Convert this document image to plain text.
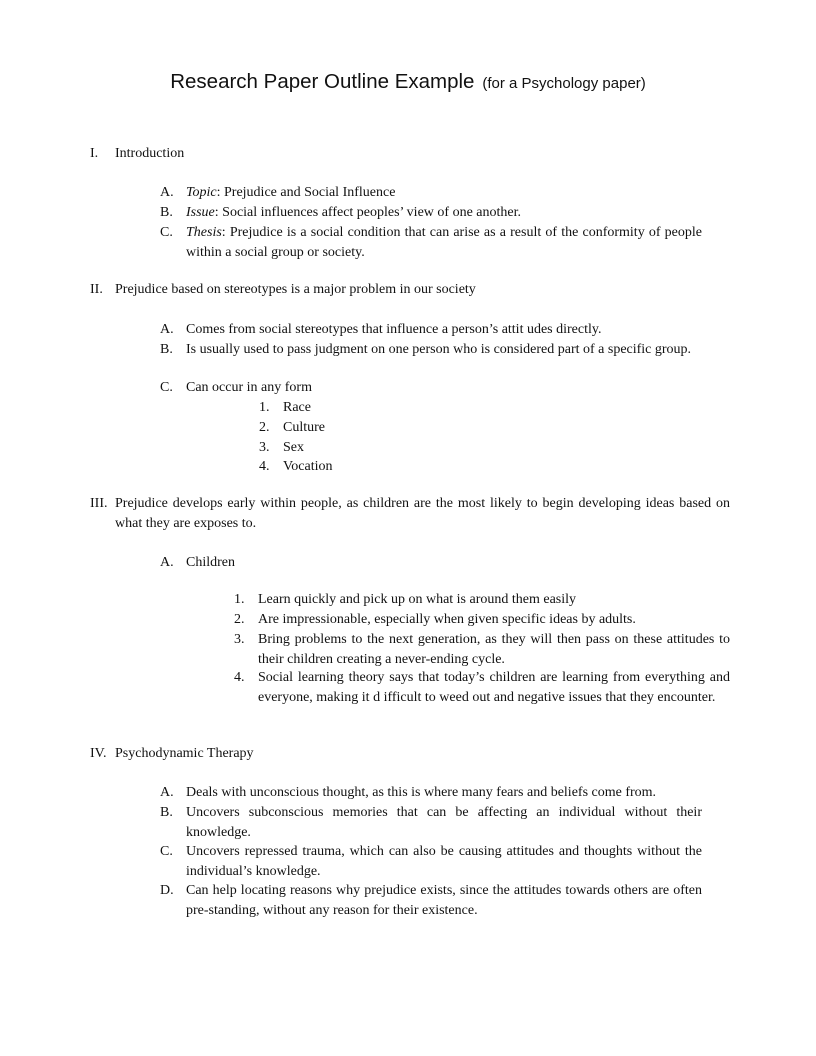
Research Paper Outline Example (for a Psychology paper)
I. Introduction
A. Topic: Prejudice and Social Influence
B. Issue: Social influences affect peoples’ view of one another.
C. Thesis: Prejudice is a social condition that can arise as a result of the conformity of people within a social group or society.
II. Prejudice based on stereotypes is a major problem in our society
A. Comes from social stereotypes that influence a person’s attit udes directly.
B. Is usually used to pass judgment on one person who is considered part of a specific group.
C. Can occur in any form
1. Race
2. Culture
3. Sex
4. Vocation
III. Prejudice develops early within people, as children are the most likely to begin developing ideas based on what they are exposes to.
A. Children
1. Learn quickly and pick up on what is around them easily
2. Are impressionable, especially when given specific ideas by adults.
3. Bring problems to the next generation, as they will then pass on these attitudes to their children creating a never-ending cycle.
4. Social learning theory says that today’s children are learning from everything and everyone, making it d ifficult to weed out and negative issues that they encounter.
IV. Psychodynamic Therapy
A. Deals with unconscious thought, as this is where many fears and beliefs come from.
B. Uncovers subconscious memories that can be affecting an individual without their knowledge.
C. Uncovers repressed trauma, which can also be causing attitudes and thoughts without the individual’s knowledge.
D. Can help locating reasons why prejudice exists, since the attitudes towards others are often pre-standing, without any reason for their existence.
